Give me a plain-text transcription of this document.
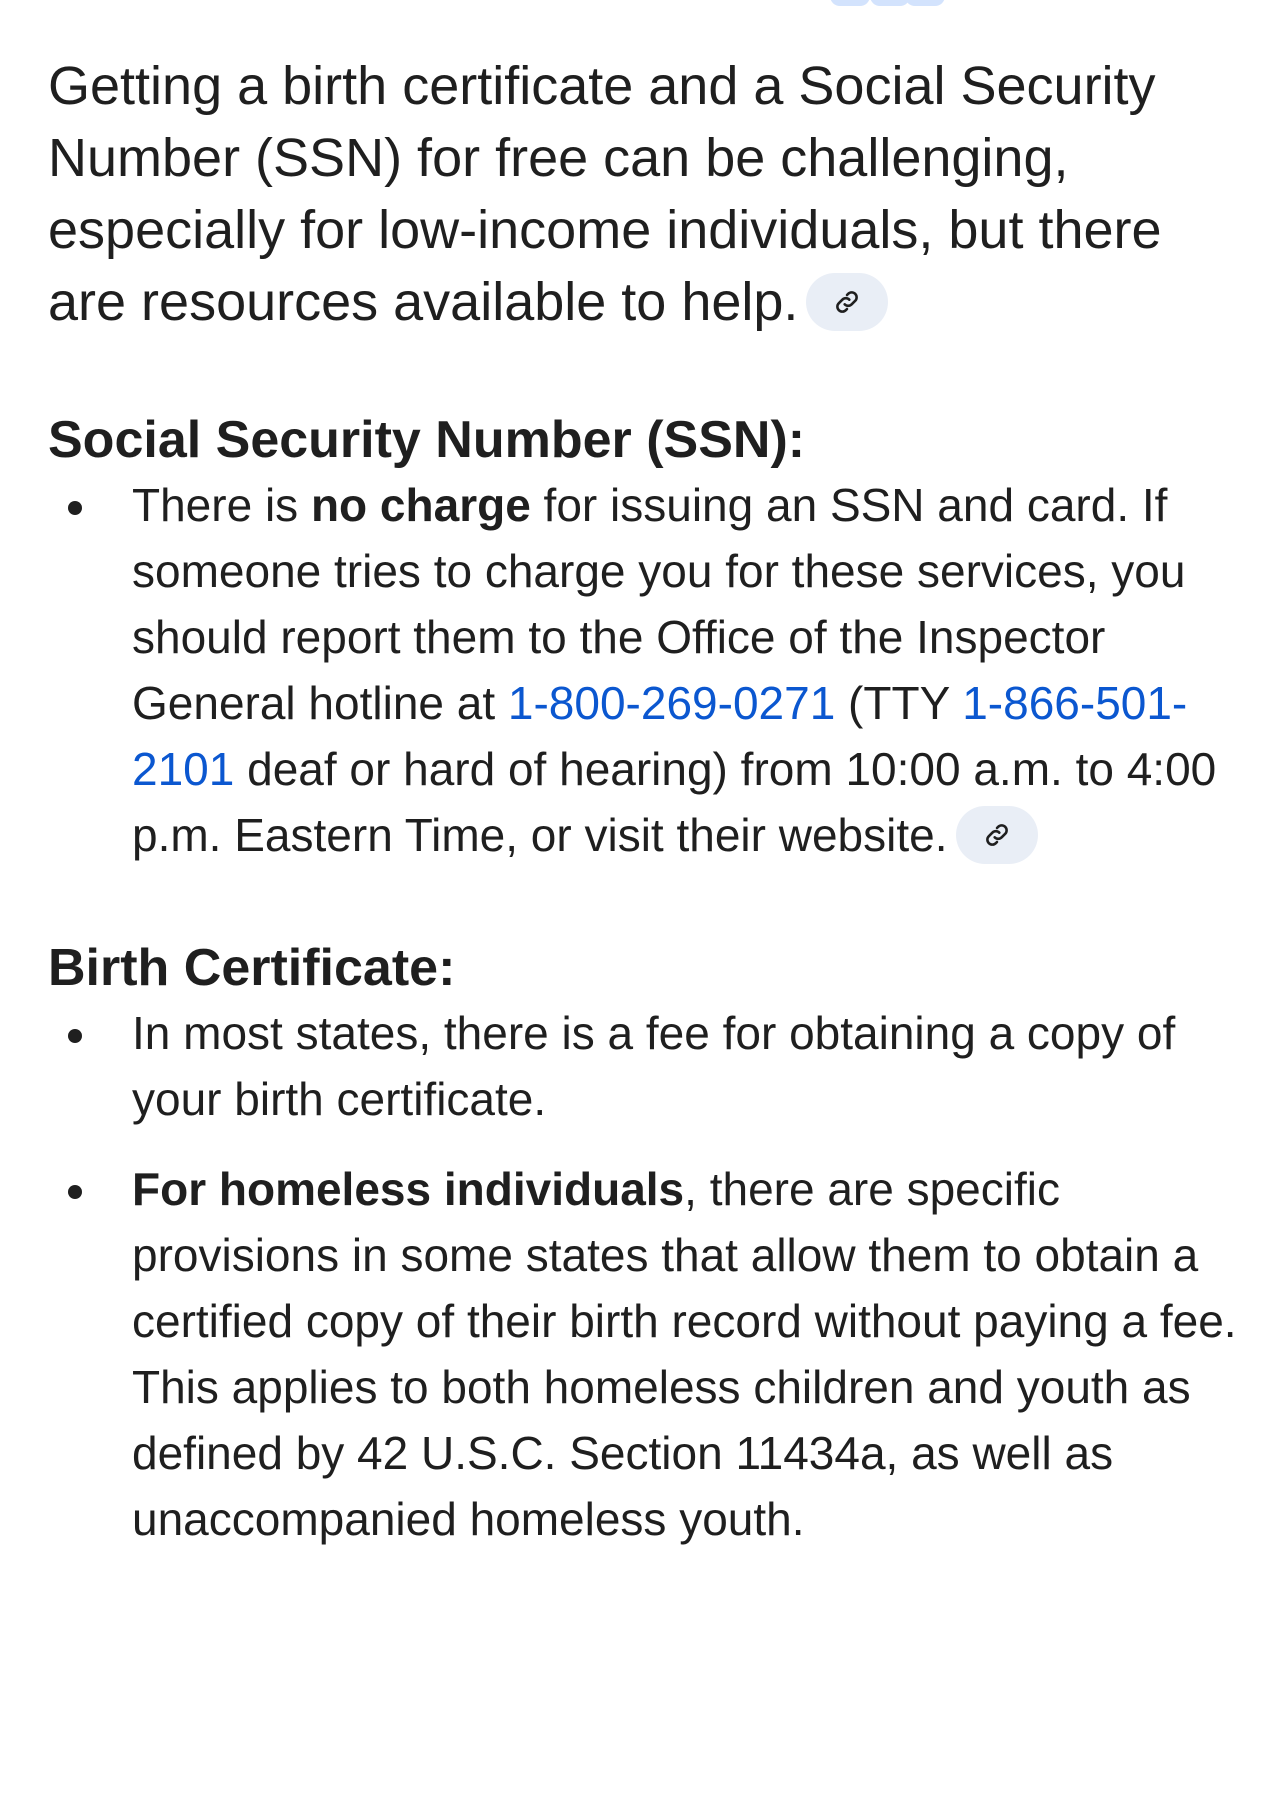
Getting a birth certificate and a Social Security Number (SSN) for free can be challenging, especially for low-income individuals, but there are resources available to help.

Social Security Number (SSN):
There is no charge for issuing an SSN and card. If someone tries to charge you for these services, you should report them to the Office of the Inspector General hotline at 1-800-269-0271 (TTY 1-866-501-2101 deaf or hard of hearing) from 10:00 a.m. to 4:00 p.m. Eastern Time, or visit their website.
Birth Certificate:
In most states, there is a fee for obtaining a copy of your birth certificate.
For homeless individuals, there are specific provisions in some states that allow them to obtain a certified copy of their birth record without paying a fee. This applies to both homeless children and youth as defined by 42 U.S.C. Section 11434a, as well as unaccompanied homeless youth.
